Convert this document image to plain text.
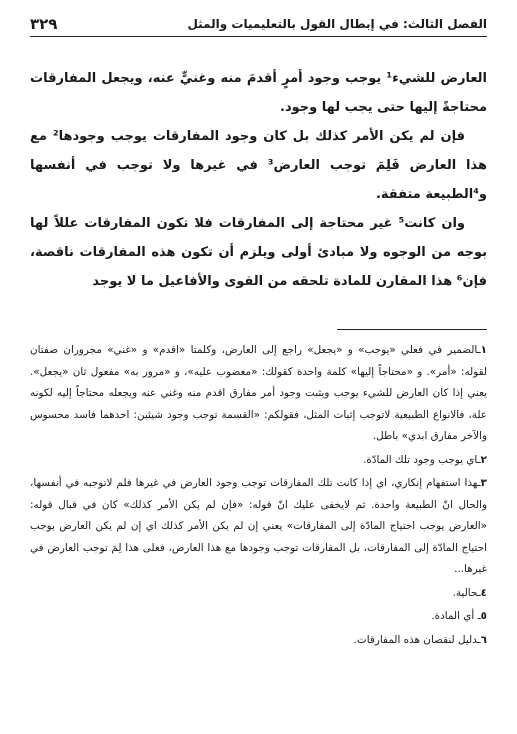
الفصل الثالث: في إبطال القول بالتعليميات والمثل
٣٢٩

العارض للشيء¹ يوجب وجود أمرٍ أقدمَ منه وغنيٍّ عنه، ويجعل المفارقات محتاجةً إليها حتى يجب لها وجود.

فإن لم يكن الأمر كذلك بل كان وجود المفارقات يوجب وجودها² مع هذا العارض فَلِمَ توجب العارض³ في غيرها ولا توجب في أنفسها و⁴الطبيعة متفقة.

وان كانت⁵ غير محتاجة إلى المفارقات فلا تكون المفارقات عللاً لها بوجه من الوجوه ولا مبادئ أولى ويلزم أن تكون هذه المفارقات ناقصة، فإن⁶ هذا المقارن للمادة تلحقه من القوى والأفاعيل ما لا يوجد

١ـالضمير في فعلي «يوجب» و «يجعل» راجع إلى العارض، وكلمتا «اقدم» و «غني» مجروران صفتان لقوله: «أمر». و «محتاجاً إليها» كلمة واحدة كقولك: «مغضوب عليه»، و «مرور به» مفعول ثان «يجعل». يعني إذا كان العارض للشيء يوجب ويثبت وجود أمر مفارق اقدم منه وغني عنه ويجعله محتاجاً إليه لكونه علة، فالانواع الطبيعية لاتوجب إثبات المثل، فقولكم: «القسمة توجب وجود شيئين: احدهما فاسد محسوس والآخر مفارق ابدي» باطل.

٢ـاي يوجب وجود تلك المادّة.

٣ـهذا استفهام إنكاري، اي إذا كانت تلك المفارقات توجب وجود العارض في غيرها فلم لاتوجبه في أنفسها، والحال انّ الطبيعة واحدة. ثم لايخفى عليك انّ قوله: «فإن لم يكن الأمر كذلك» كان في قبال قوله: «العارض يوجب احتياج المادّة إلى المفارقات» يعني إن لم يكن الأمر كذلك اي إن لم يكن العارض يوجب احتياج المادّة إلى المفارقات، بل المفارقات توجب وجودها مع هذا العارض، فعلى هذا لِمَ توجب العارض في غيرها...

٤ـحالية.

٥ـ أي المادة.

٦ـدليل لنقصان هذه المفارقات.
